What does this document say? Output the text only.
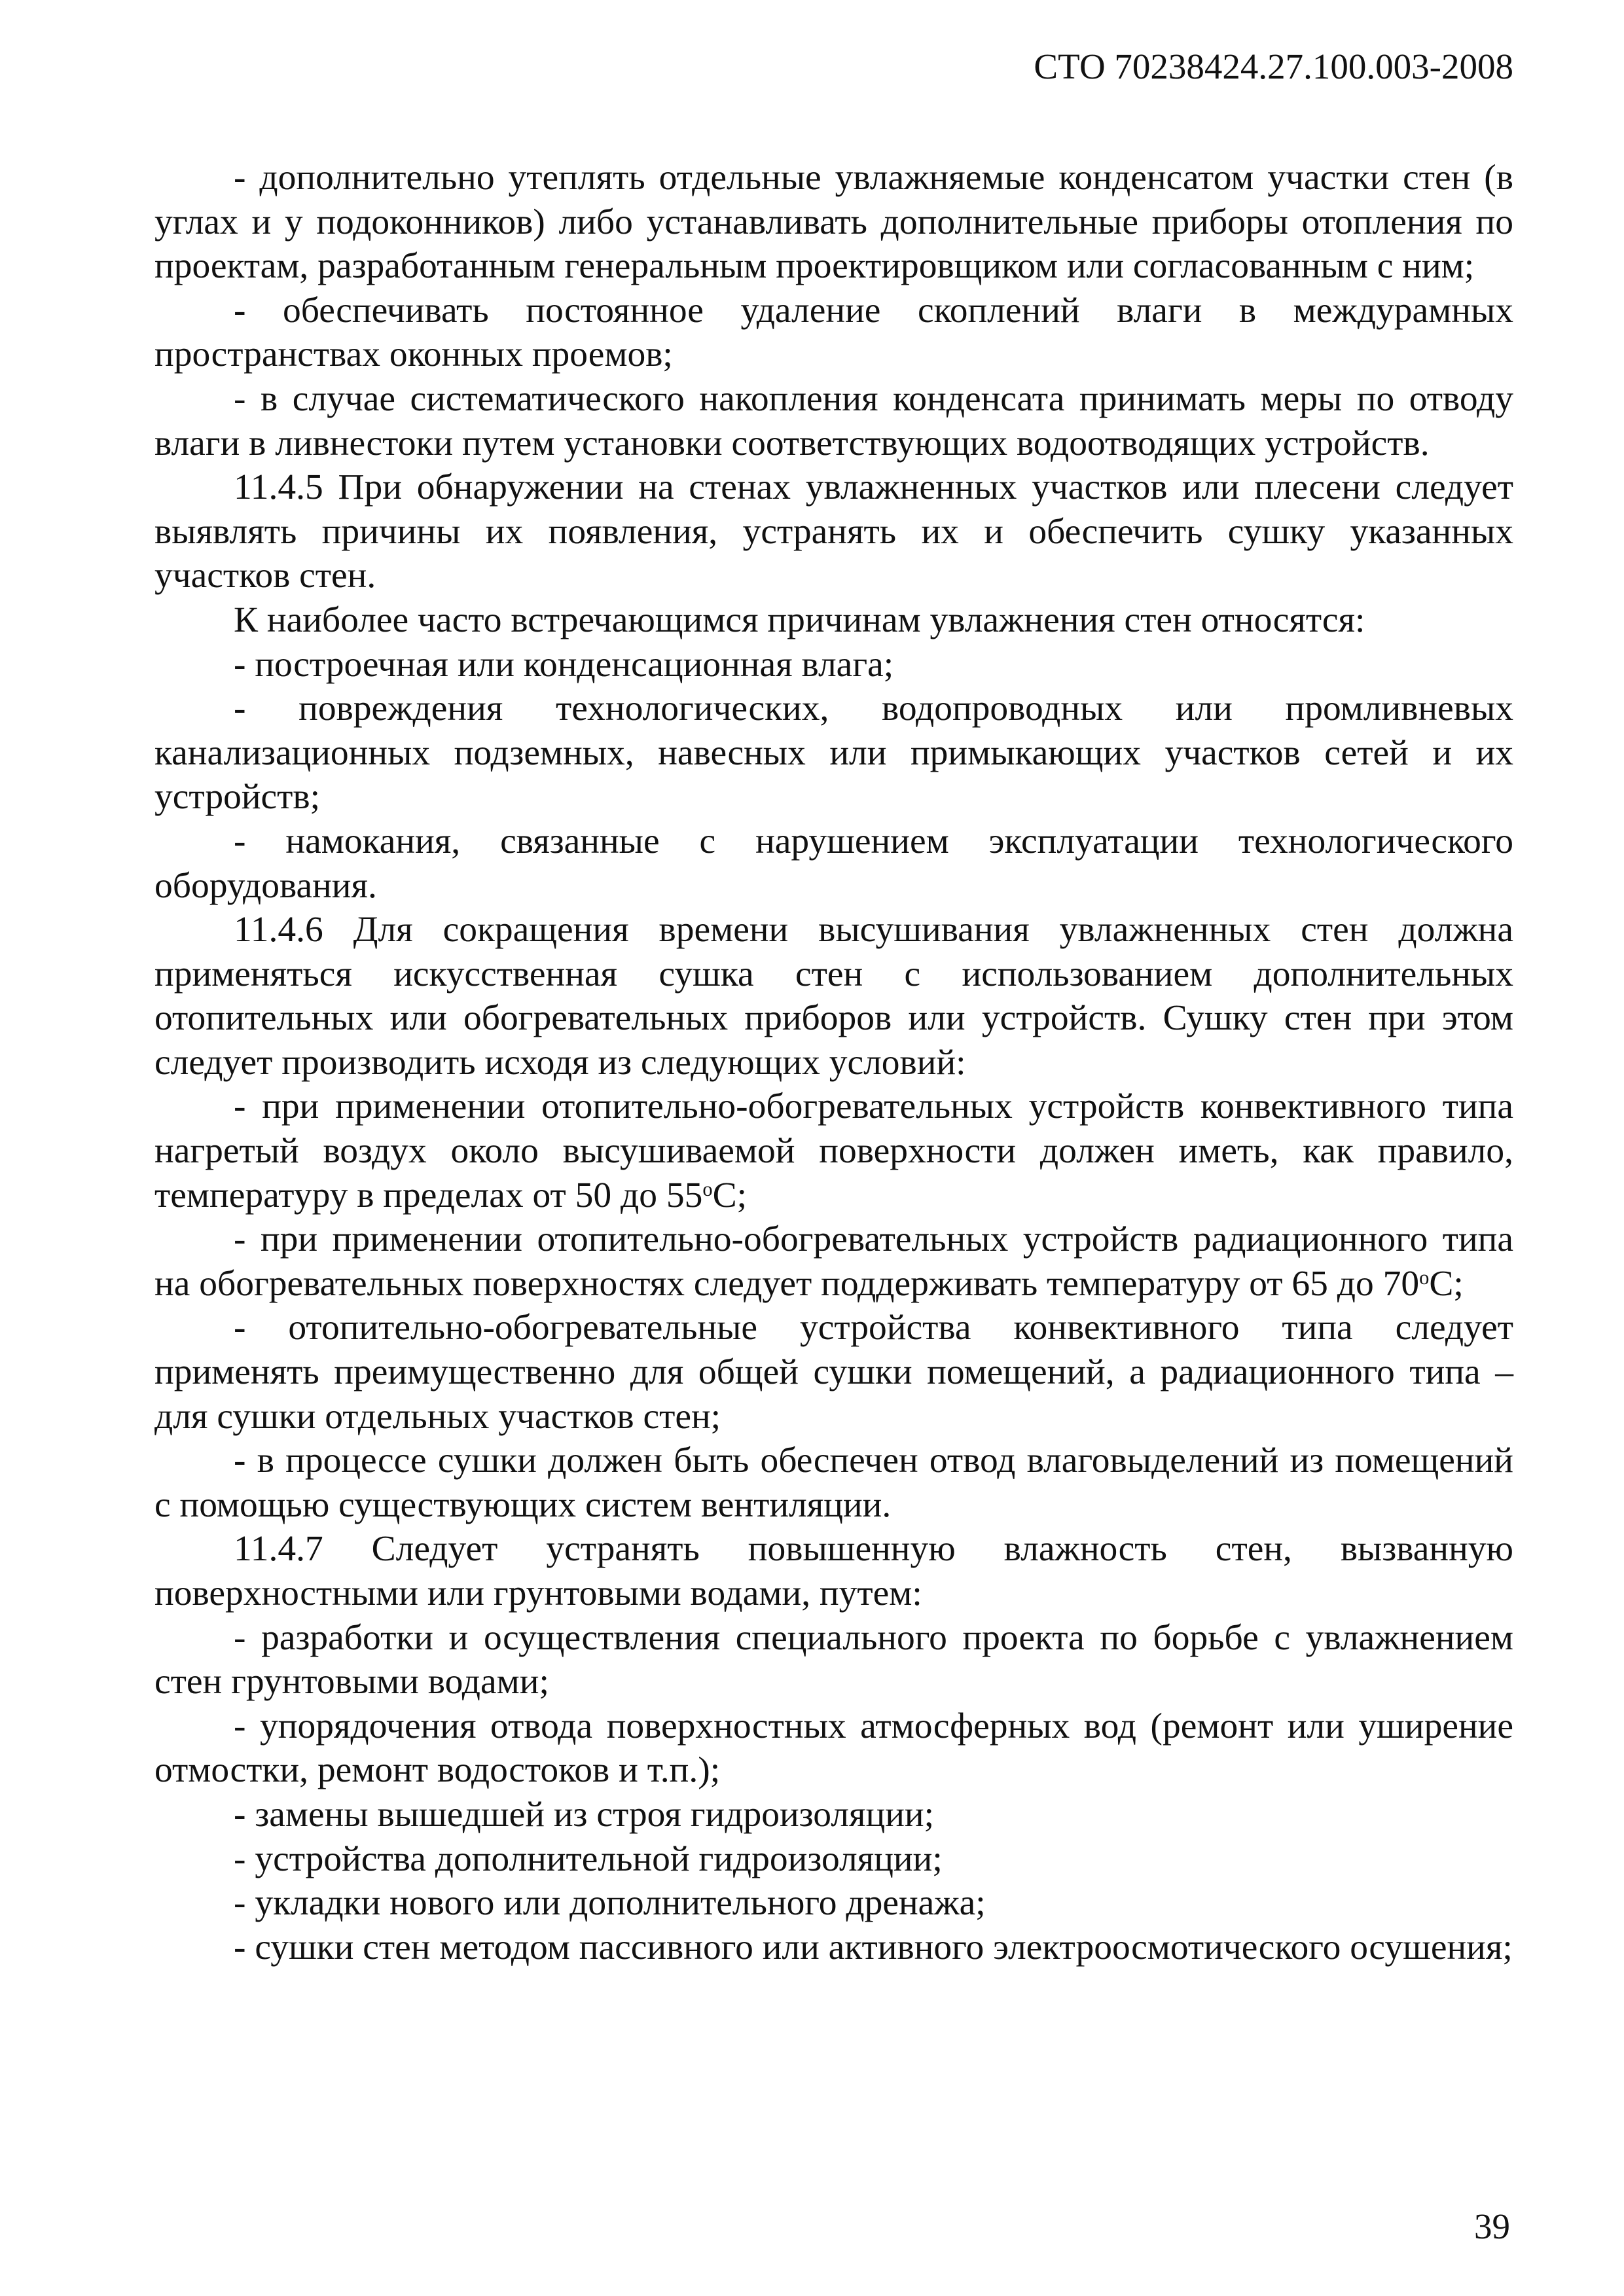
СТО 70238424.27.100.003-2008

- дополнительно утеплять отдельные увлажняемые конденсатом участки стен (в углах и у подоконников) либо устанавливать дополнительные приборы отопления по проектам, разработанным генеральным проектировщиком или согласованным с ним;

- обеспечивать постоянное удаление скоплений влаги в междурамных пространствах оконных проемов;

- в случае систематического накопления конденсата принимать меры по отводу влаги в ливнестоки путем установки соответствующих водоотводящих устройств.

11.4.5 При обнаружении на стенах увлажненных участков или плесени следует выявлять причины их появления, устранять их и обеспечить сушку указанных участков стен.

К наиболее часто встречающимся причинам увлажнения стен относятся:

- построечная или конденсационная влага;

- повреждения технологических, водопроводных или промливневых канализационных подземных, навесных или примыкающих участков сетей и их устройств;

- намокания, связанные с нарушением эксплуатации технологического оборудования.

11.4.6 Для сокращения времени высушивания увлажненных стен должна применяться искусственная сушка стен с использованием дополнительных отопительных или обогревательных приборов или устройств. Сушку стен при этом следует производить исходя из следующих условий:

- при применении отопительно-обогревательных устройств конвективного типа нагретый воздух около высушиваемой поверхности должен иметь, как правило, температуру в пределах от 50 до $55^оС$;

- при применении отопительно-обогревательных устройств радиационного типа на обогревательных поверхностях следует поддерживать температуру от 65 до $70^оС$;

- отопительно-обогревательные устройства конвективного типа следует применять преимущественно для общей сушки помещений, а радиационного типа – для сушки отдельных участков стен;

- в процессе сушки должен быть обеспечен отвод влаговыделений из помещений с помощью существующих систем вентиляции.

11.4.7 Следует устранять повышенную влажность стен, вызванную поверхностными или грунтовыми водами, путем:

- разработки и осуществления специального проекта по борьбе с увлажнением стен грунтовыми водами;

- упорядочения отвода поверхностных атмосферных вод (ремонт или уширение отмостки, ремонт водостоков и т.п.);

- замены вышедшей из строя гидроизоляции;

- устройства дополнительной гидроизоляции;

- укладки нового или дополнительного дренажа;

- сушки стен методом пассивного или активного электроосмотического осушения;

39
